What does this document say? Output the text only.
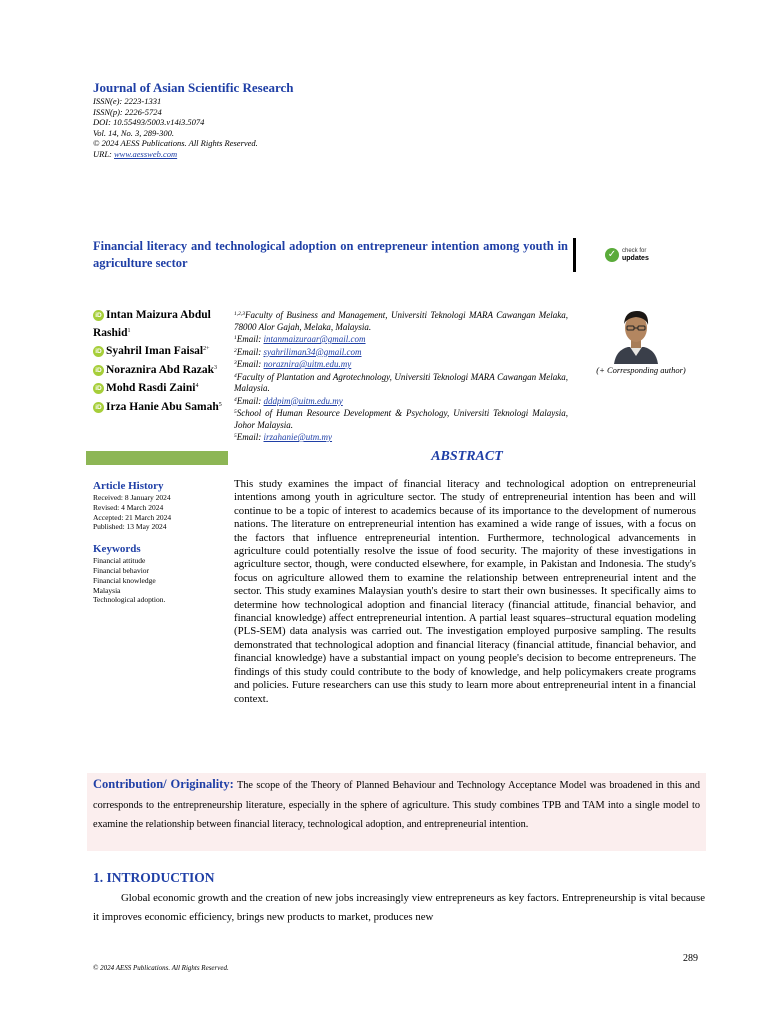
Journal of Asian Scientific Research
ISSN(e): 2223-1331
ISSN(p): 2226-5724
DOI: 10.55493/5003.v14i3.5074
Vol. 14, No. 3, 289-300.
© 2024 AESS Publications. All Rights Reserved.
URL: www.aessweb.com
Financial literacy and technological adoption on entrepreneur intention among youth in agriculture sector
✓ check for
updates
iD Intan Maizura Abdul Rashid$^1$
iD Syahril Iman Faisal$^{2+}$
iD Noraznira Abd Razak$^3$
iD Mohd Rasdi Zaini$^4$
iD Irza Hanie Abu Samah$^5$
$^{1,2,3}$Faculty of Business and Management, Universiti Teknologi MARA Cawangan Melaka, 78000 Alor Gajah, Melaka, Malaysia.
$^1$Email: intanmaizuraar@gmail.com
$^2$Email: syahriliman34@gmail.com
$^3$Email: noraznira@uitm.edu.my
$^4$Faculty of Plantation and Agrotechnology, Universiti Teknologi MARA Cawangan Melaka, Malaysia.
$^4$Email: dddpim@uitm.edu.my
$^5$School of Human Resource Development & Psychology, Universiti Teknologi Malaysia, Johor Malaysia.
$^5$Email: irzahanie@utm.my
(+ Corresponding author)
ABSTRACT
Article History
Received: 8 January 2024
Revised: 4 March 2024
Accepted: 21 March 2024
Published: 13 May 2024
Keywords
Financial attitude
Financial behavior
Financial knowledge
Malaysia
Technological adoption.
This study examines the impact of financial literacy and technological adoption on entrepreneurial intentions among youth in agriculture sector. The study of entrepreneurial intention has been and will continue to be a topic of interest to academics because of its importance to the development of numerous nations. The literature on entrepreneurial intention has examined a wide range of issues, with a focus on the factors that influence entrepreneurial intention. Furthermore, technological advancements in agriculture could potentially resolve the issue of food security. The majority of these investigations in agriculture sector, though, were conducted elsewhere, for example, in Pakistan and Indonesia. The study's focus on agriculture allowed them to examine the relationship between entrepreneurial intent and the sector. This study examines Malaysian youth's desire to start their own businesses. It specifically aims to determine how technological adoption and financial literacy (financial attitude, financial behavior, and financial knowledge) affect entrepreneurial intention. A partial least squares–structural equation modeling (PLS-SEM) data analysis was carried out. The investigation employed purposive sampling. The results demonstrated that technological adoption and financial literacy (financial attitude, financial behavior, and financial knowledge) have a substantial impact on young people's decision to become entrepreneurs. The findings of this study could contribute to the body of knowledge, and help policymakers create programs and policies. Future researchers can use this study to learn more about entrepreneurial intent in a financial context.
Contribution/ Originality: The scope of the Theory of Planned Behaviour and Technology Acceptance Model was broadened in this and corresponds to the entrepreneurship literature, especially in the sphere of agriculture. This study combines TPB and TAM into a single model to examine the relationship between financial literacy, technological adoption, and entrepreneurial intention.
1. INTRODUCTION
Global economic growth and the creation of new jobs increasingly view entrepreneurs as key factors. Entrepreneurship is vital because it improves economic efficiency, brings new products to market, produces new
289
© 2024 AESS Publications. All Rights Reserved.
